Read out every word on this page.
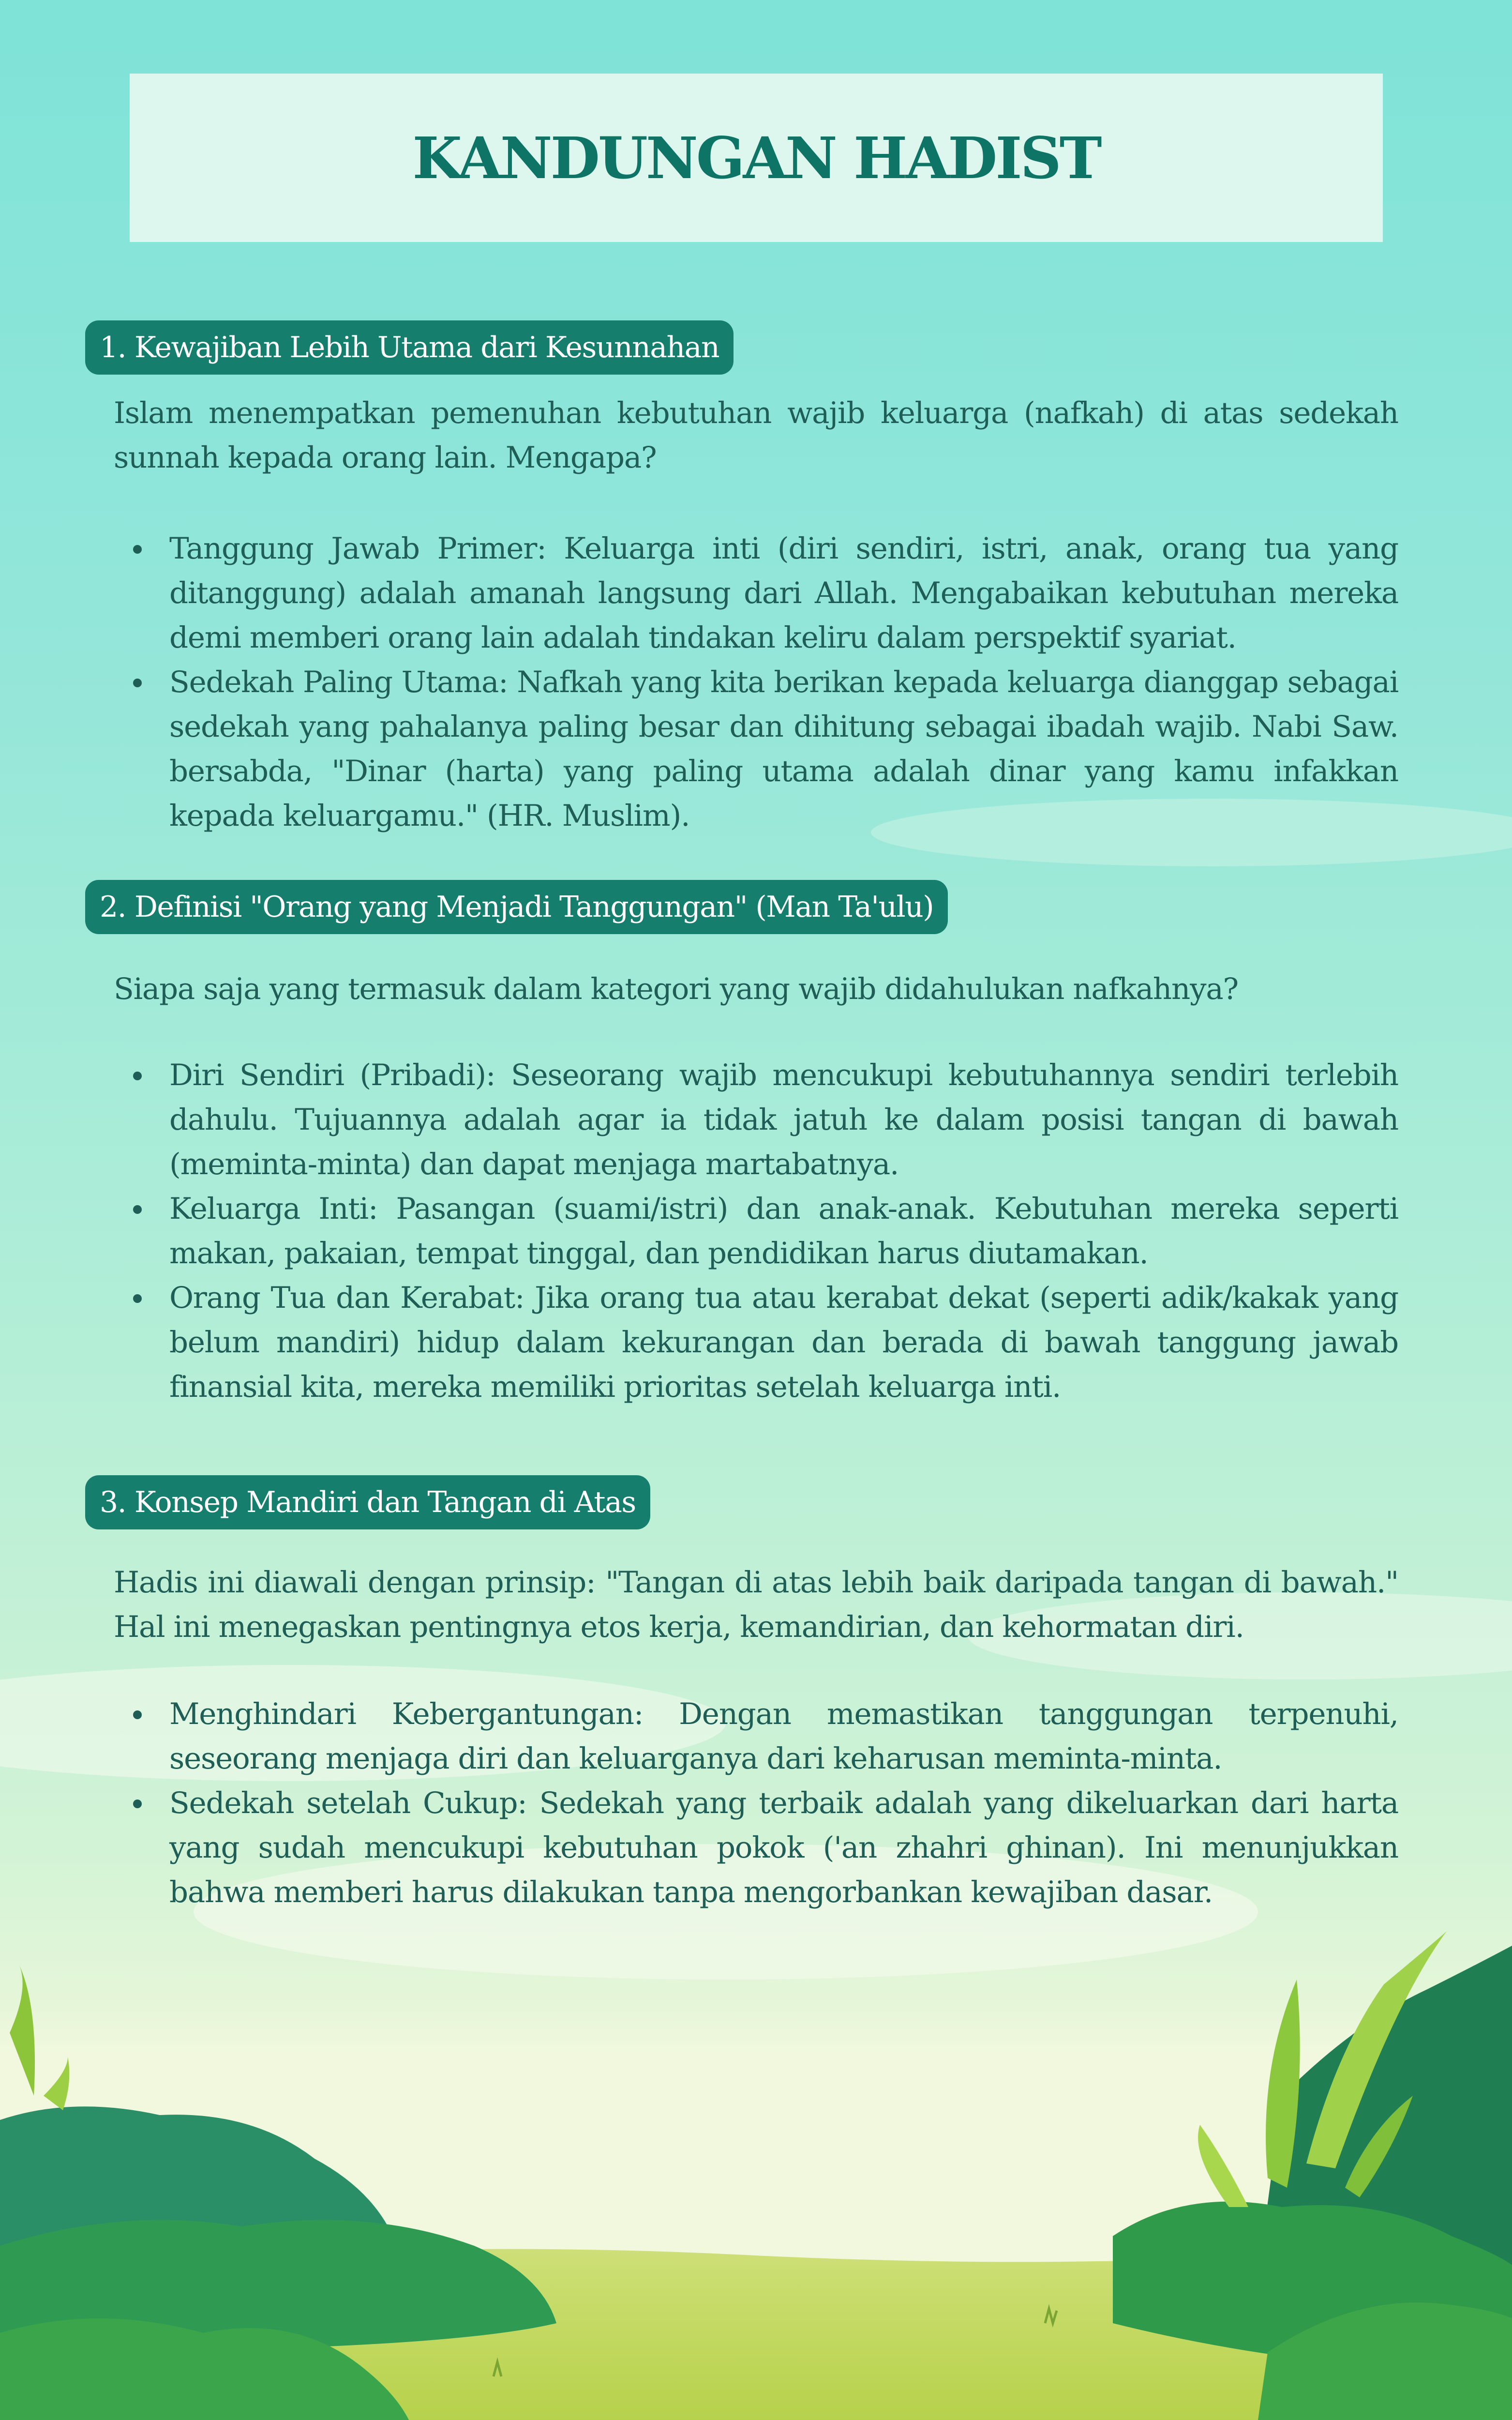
KANDUNGAN HADIST
1. Kewajiban Lebih Utama dari Kesunnahan

Islam menempatkan pemenuhan kebutuhan wajib keluarga (nafkah) di atas sedekah sunnah kepada orang lain. Mengapa?

Tanggung Jawab Primer: Keluarga inti (diri sendiri, istri, anak, orang tua yang ditanggung) adalah amanah langsung dari Allah. Mengabaikan kebutuhan mereka demi memberi orang lain adalah tindakan keliru dalam perspektif syariat.
Sedekah Paling Utama: Nafkah yang kita berikan kepada keluarga dianggap sebagai sedekah yang pahalanya paling besar dan dihitung sebagai ibadah wajib. Nabi Saw. bersabda, "Dinar (harta) yang paling utama adalah dinar yang kamu infakkan kepada keluargamu." (HR. Muslim).
2. Definisi "Orang yang Menjadi Tanggungan" (Man Ta'ulu)

Siapa saja yang termasuk dalam kategori yang wajib didahulukan nafkahnya?

Diri Sendiri (Pribadi): Seseorang wajib mencukupi kebutuhannya sendiri terlebih dahulu. Tujuannya adalah agar ia tidak jatuh ke dalam posisi tangan di bawah (meminta-minta) dan dapat menjaga martabatnya.
Keluarga Inti: Pasangan (suami/istri) dan anak-anak. Kebutuhan mereka seperti makan, pakaian, tempat tinggal, dan pendidikan harus diutamakan.
Orang Tua dan Kerabat: Jika orang tua atau kerabat dekat (seperti adik/kakak yang belum mandiri) hidup dalam kekurangan dan berada di bawah tanggung jawab finansial kita, mereka memiliki prioritas setelah keluarga inti.
3. Konsep Mandiri dan Tangan di Atas

Hadis ini diawali dengan prinsip: "Tangan di atas lebih baik daripada tangan di bawah." Hal ini menegaskan pentingnya etos kerja, kemandirian, dan kehormatan diri.

Menghindari Kebergantungan: Dengan memastikan tanggungan terpenuhi, seseorang menjaga diri dan keluarganya dari keharusan meminta-minta.
Sedekah setelah Cukup: Sedekah yang terbaik adalah yang dikeluarkan dari harta yang sudah mencukupi kebutuhan pokok ('an zhahri ghinan). Ini menunjukkan bahwa memberi harus dilakukan tanpa mengorbankan kewajiban dasar.
